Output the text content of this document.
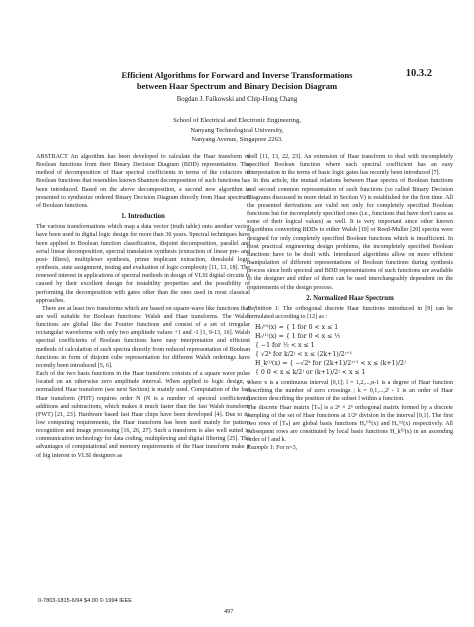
10.3.2
Efficient Algorithms for Forward and Inverse Transformations
between Haar Spectrum and Binary Decision Diagram
Bogdan J. Falkowski and Chip-Hong Chang
School of Electrical and Electronic Engineering,
Nanyang Technological University,
Nanyang Avenue, Singapore 2263.

ABSTRACT An algorithm has been developed to calculate the Haar transform of Boolean functions from their Binary Decision Diagram (BDD) representation. The method of decomposition of Haar spectral coefficients in terms of the cofactors of Boolean functions that resembles known Shannon decomposition of such functions has been introduced. Based on the above decomposition, a second new algorithm is presented to synthesize ordered Binary Decision Diagram directly from Haar spectrum of Boolean functions.

1. Introduction

The various transformations which map a data vector (truth table) onto another vector have been used in digital logic design for more than 30 years. Spectral techniques have been applied to Boolean function classification, disjoint decomposition, parallel and serial linear decomposition, spectral translation synthesis (extraction of linear pre- and post- filters), multiplexer synthesis, prime implicant extraction, threshold logic synthesis, state assignment, testing and evaluation of logic complexity [11, 13, 18]. The renewed interest in applications of spectral methods in design of VLSI digital circuits is caused by their excellent design for testability properties and the possibility of performing the decomposition with gates other than the ones used in most classical approaches.

There are at least two transforms which are based on square-wave like functions that are well suitable for Boolean functions: Walsh and Haar transforms. The Walsh functions are global like the Fourier functions and consist of a set of irregular rectangular waveforms with only two amplitude values +1 and -1 [1, 9-13, 16]. Walsh spectral coefficients of Boolean functions have easy interpretation and efficient methods of calculation of such spectra directly from reduced representation of Boolean functions in form of disjoint cube representation for different Walsh orderings have recently been introduced [5, 6].

Each of the two basis functions in the Haar transform consists of a square wave pulse located on an otherwise zero amplitude interval. When applied to logic design, a normalized Haar transform (see next Section) is mainly used. Computation of the fast Haar transform (FHT) requires order N (N is a number of spectral coefficients) additions and subtractions, which makes it much faster than the fast Walsh transform (FWT) [21, 23]. Hardware based fast Haar chips have been developed [4]. Due to its low computing requirements, the Haar transform has been used mainly for pattern recognition and image processing [16, 26, 27]. Such a transform is also well suited in communication technology for data coding, multiplexing and digital filtering [25]. The advantages of computational and memory requirements of the Haar transform make it of big interest to VLSI designers as

well [11, 13, 22, 23]. An extension of Haar transform to deal with incompletely specified Boolean function where each spectral coefficient has an easy interpretation in the terms of basic logic gates has recently been introduced [7].

In this article, the mutual relations between Haar spectra of Boolean functions and second common representation of such functions (so called Binary Decision Diagrams discussed in more detail in Section V) is established for the first time. All the presented derivations are valid not only for completely specified Boolean functions but for incompletely specified ones (i.e., functions that have don't cares as some of their logical values) as well. It is very important since other known algorithms converting BDDs to either Walsh [19] or Reed-Muller [20] spectra were designed for only completely specified Boolean functions which is insufficient. In most practical engineering design problems, the incompletely specified Boolean functions have to be dealt with. Introduced algorithms allow on more efficient manipulation of different representations of Boolean functions during synthesis process since both spectral and BDD representations of such functions are available to the designer and either of them can be used interchangeably dependent on the requirements of the design process.

2. Normalized Haar Spectrum

Definition 1: The orthogonal discrete Haar functions introduced in [9] can be formulated according to [12] as :

H₀⁽⁰⁾(x) = { 1 for 0 < x ≤ 1
H₀⁽¹⁾(x) = { 1 for 0 < x ≤ ½
{ −1 for ½ < x ≤ 1
{ √2ᵏ for k/2ʲ < x ≤ (2k+1)/2ʲ⁺¹
H_k⁽ʲ⁾(x) = { −√2ᵏ for (2k+1)/2ʲ⁺¹ < x ≤ (k+1)/2ʲ
{ 0 0 < x ≤ k/2ʲ or (k+1)/2ʲ < x ≤ 1

where x is a continuous interval [0,1]; l = 1,2,...,n-1 is a degree of Haar function describing the number of zero crossings ; k = 0,1,...,2ˡ - 1 is an order of Haar function describing the position of the subset l within a function.

The discrete Haar matrix [Tₙ] is a 2ⁿ × 2ⁿ orthogonal matrix formed by a discrete sampling of the set of Haar functions at 1/2ⁿ division in the interval [0,1]. The first two rows of [Tₙ] are global basis functions H₀⁽⁰⁾(x) and H₀⁽¹⁾(x) respectively. All subsequent rows are constituted by local basis functions H_k⁽ˡ⁾(x) in an ascending order of l and k.

Example 1: For n=3,

0-7803-1815-6/94 $4.00 © 1994 IEEE
497
